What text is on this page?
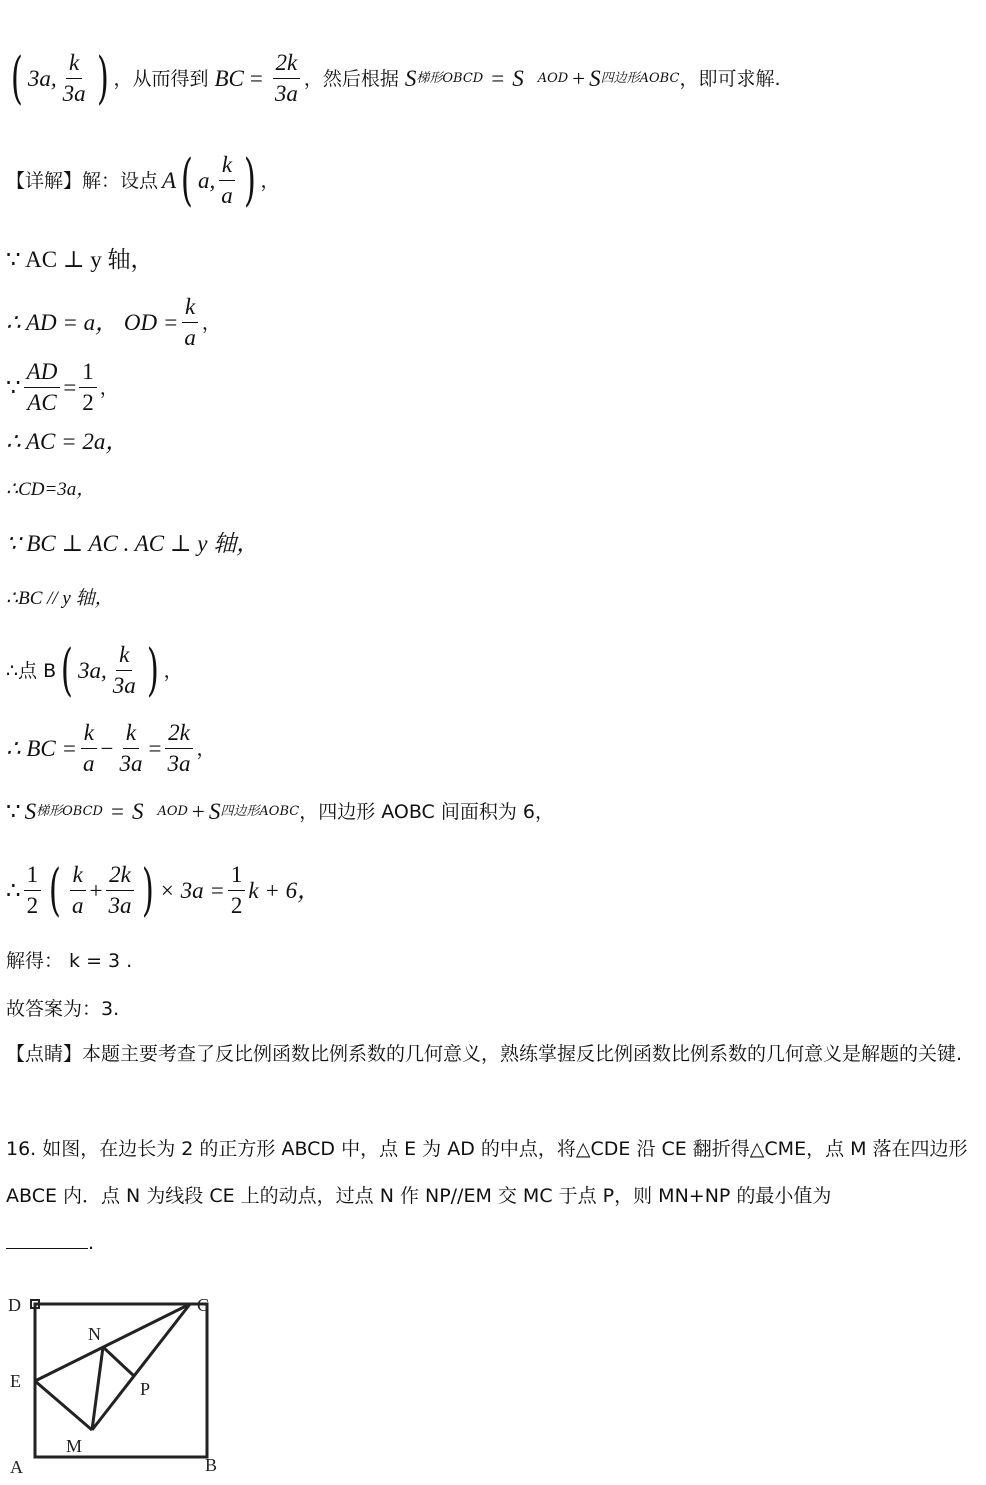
( 3a, $\frac{k}{3a}$ ) ，从而得到 BC = $\frac{2k}{3a}$ ，然后根据 S 梯形OBCD = S AOD + S 四边形AOBC ，即可求解.
【详解】解：设点 A ( a, $\frac{k}{a}$ ) ，
∵ AC ⊥ y 轴，
∴ AD = a， OD = $\frac{k}{a}$ ，
∵ $\frac{AD}{AC} = \frac{1}{2}$ ，
∴ AC = 2a，
∴CD=3a，
∵ BC ⊥ AC . AC ⊥ y 轴，
∴BC // y 轴，
∴点 B ( 3a, $\frac{k}{3a}$ ) ，
∴ BC = $\frac{k}{a} - \frac{k}{3a} = \frac{2k}{3a}$ ，
∵ S 梯形OBCD = S AOD + S 四边形AOBC ，四边形 AOBC 间面积为 6，
∴ $\frac{1}{2}$ ( $\frac{k}{a} + \frac{2k}{3a}$ ) × $3a = \frac{1}{2}$ k + 6，
解得： k = 3 .
故答案为：3.
【点睛】本题主要考查了反比例函数比例系数的几何意义，熟练掌握反比例函数比例系数的几何意义是解题的关键.
16. 如图，在边长为 2 的正方形 ABCD 中，点 E 为 AD 的中点，将△CDE 沿 CE 翻折得△CME，点 M 落在四边形 ABCE 内．点 N 为线段 CE 上的动点，过点 N 作 NP//EM 交 MC 于点 P，则 MN+NP 的最小值为
.
D	C
E
N
P
M
A	B
